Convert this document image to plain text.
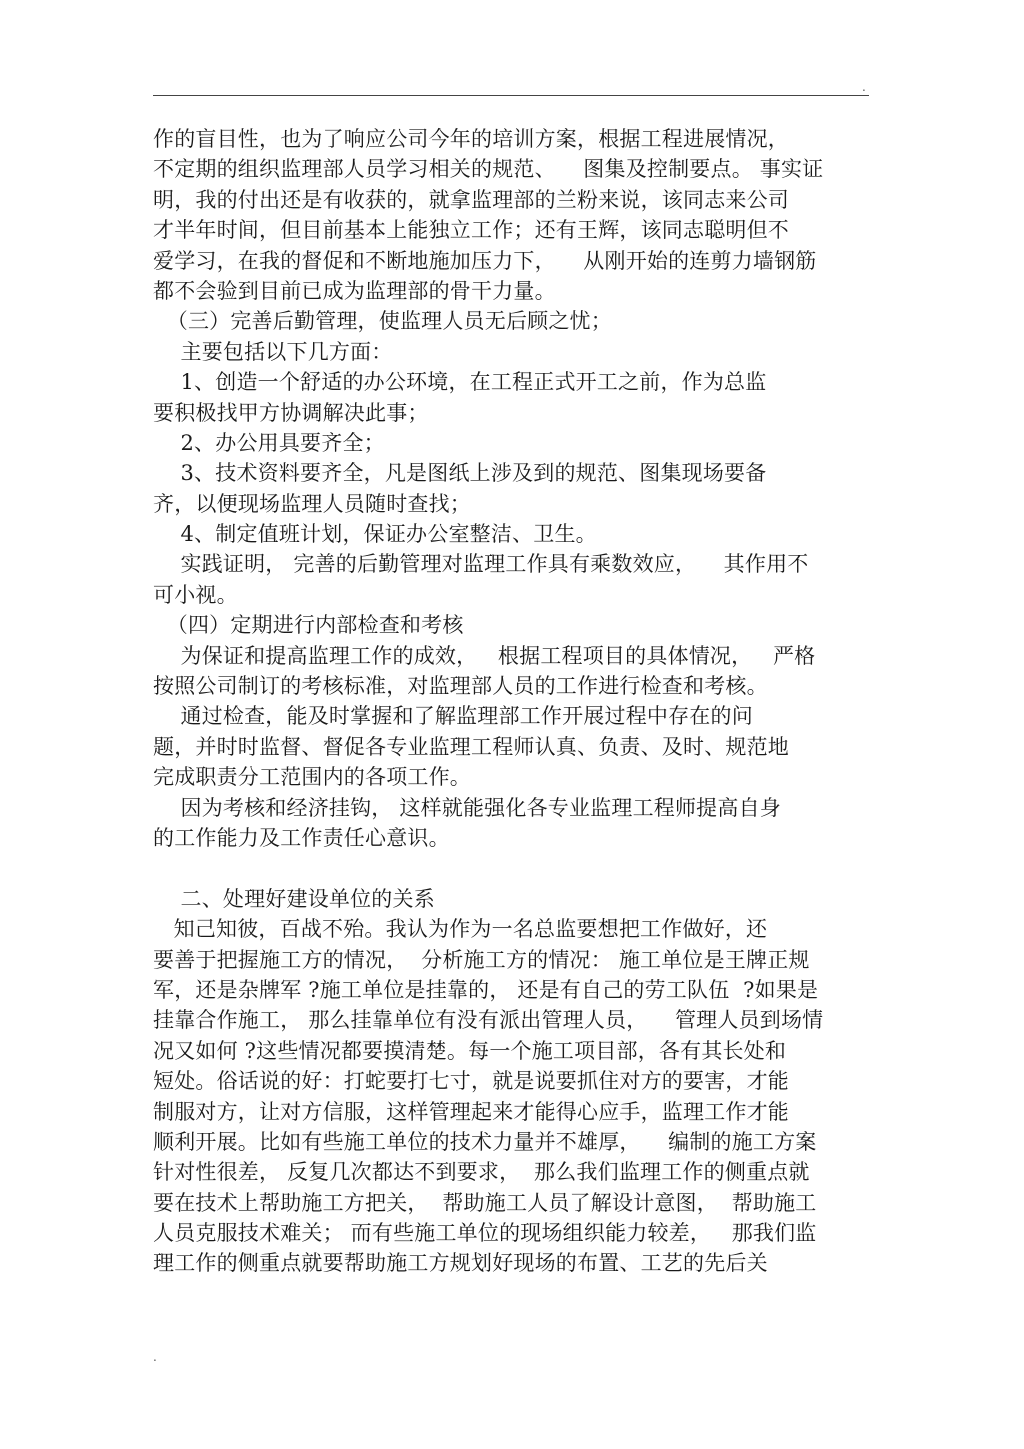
.
作的盲目性，也为了响应公司今年的培训方案，根据工程进展情况，
不定期的组织监理部人员学习相关的规范、    图集及控制要点。 事实证
明，我的付出还是有收获的，就拿监理部的兰粉来说，该同志来公司
才半年时间，但目前基本上能独立工作；还有王辉，该同志聪明但不
爱学习，在我的督促和不断地施加压力下，    从刚开始的连剪力墙钢筋
都不会验到目前已成为监理部的骨干力量。
（三）完善后勤管理，使监理人员无后顾之忧；
主要包括以下几方面：
1、创造一个舒适的办公环境，在工程正式开工之前，作为总监
要积极找甲方协调解决此事；
2、办公用具要齐全；
3、技术资料要齐全，凡是图纸上涉及到的规范、图集现场要备
齐，以便现场监理人员随时查找；
4、制定值班计划，保证办公室整洁、卫生。
实践证明， 完善的后勤管理对监理工作具有乘数效应，    其作用不
可小视。
（四）定期进行内部检查和考核
为保证和提高监理工作的成效，   根据工程项目的具体情况，   严格
按照公司制订的考核标准，对监理部人员的工作进行检查和考核。
通过检查，能及时掌握和了解监理部工作开展过程中存在的问
题，并时时监督、督促各专业监理工程师认真、负责、及时、规范地
完成职责分工范围内的各项工作。
因为考核和经济挂钩， 这样就能强化各专业监理工程师提高自身
的工作能力及工作责任心意识。
二、处理好建设单位的关系
知己知彼，百战不殆。我认为作为一名总监要想把工作做好，还
要善于把握施工方的情况，  分析施工方的情况： 施工单位是王牌正规
军，还是杂牌军 ?施工单位是挂靠的， 还是有自己的劳工队伍  ?如果是
挂靠合作施工， 那么挂靠单位有没有派出管理人员，    管理人员到场情
况又如何 ?这些情况都要摸清楚。每一个施工项目部，各有其长处和
短处。俗话说的好：打蛇要打七寸，就是说要抓住对方的要害，才能
制服对方，让对方信服，这样管理起来才能得心应手，监理工作才能
顺利开展。比如有些施工单位的技术力量并不雄厚，    编制的施工方案
针对性很差， 反复几次都达不到要求，  那么我们监理工作的侧重点就
要在技术上帮助施工方把关，  帮助施工人员了解设计意图，  帮助施工
人员克服技术难关； 而有些施工单位的现场组织能力较差，   那我们监
理工作的侧重点就要帮助施工方规划好现场的布置、工艺的先后关
.
